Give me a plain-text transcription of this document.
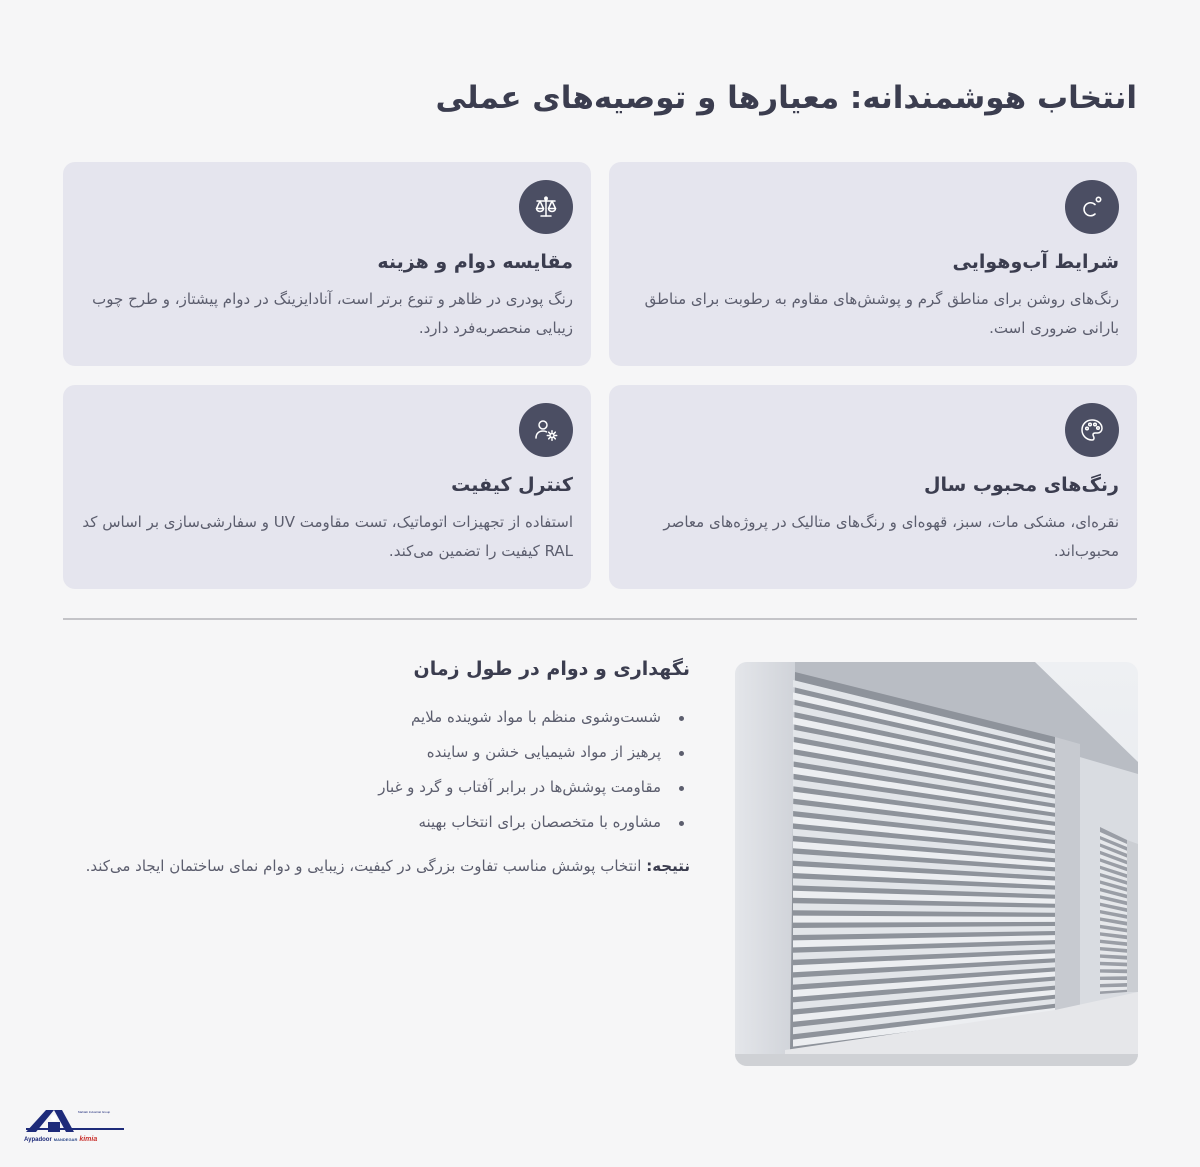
انتخاب هوشمندانه: معیارها و توصیه‌های عملی
شرایط آب‌وهوایی
رنگ‌های روشن برای مناطق گرم و پوشش‌های مقاوم به رطوبت برای مناطق بارانی ضروری است.
مقایسه دوام و هزینه
رنگ پودری در ظاهر و تنوع برتر است، آنادایزینگ در دوام پیشتاز، و طرح چوب زیبایی منحصربه‌فرد دارد.
رنگ‌های محبوب سال
نقره‌ای، مشکی مات، سبز، قهوه‌ای و رنگ‌های متالیک در پروژه‌های معاصر محبوب‌اند.
کنترل کیفیت
استفاده از تجهیزات اتوماتیک، تست مقاومت UV و سفارشی‌سازی بر اساس کد RAL کیفیت را تضمین می‌کند.
نگهداری و دوام در طول زمان
شست‌وشوی منظم با مواد شوینده ملایم
پرهیز از مواد شیمیایی خشن و ساینده
مقاومت پوشش‌ها در برابر آفتاب و گرد و غبار
مشاوره با متخصصان برای انتخاب بهینه

نتیجه: انتخاب پوشش مناسب تفاوت بزرگی در کیفیت، زیبایی و دوام نمای ساختمان ایجاد می‌کند.

Mahtab Industrial Group
Aypadoor MANDEGAR kimia
